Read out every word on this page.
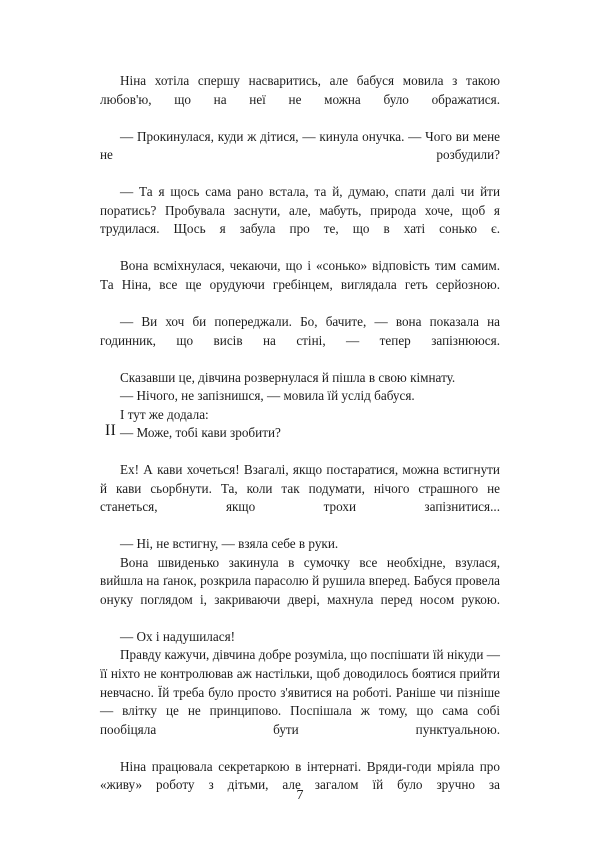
Ніна хотіла спершу насваритись, але бабуся мовила з такою любов'ю, що на неї не можна було ображатися.

— Прокинулася, куди ж дітися, — кинула онучка. — Чого ви мене не розбудили?

— Та я щось сама рано встала, та й, думаю, спати далі чи йти поратись? Пробувала заснути, але, мабуть, природа хоче, щоб я трудилася. Щось я забула про те, що в хаті сонько є.

Вона всміхнулася, чекаючи, що і «сонько» відповість тим самим. Та Ніна, все ще орудуючи гребінцем, виглядала геть серйозною.

— Ви хоч би попереджали. Бо, бачите, — вона показала на годинник, що висів на стіні, — тепер запізнююся.

Сказавши це, дівчина розвернулася й пішла в свою кімнату.

— Нічого, не запізнишся, — мовила їй услід бабуся.

І тут же додала:

— Може, тобі кави зробити?

II

Ех! А кави хочеться! Взагалі, якщо постаратися, можна встигнути й кави сьорбнути. Та, коли так подумати, нічого страшного не станеться, якщо трохи запізнитися...

— Ні, не встигну, — взяла себе в руки.

Вона швиденько закинула в сумочку все необхідне, взулася, вийшла на ґанок, розкрила парасолю й рушила вперед. Бабуся провела онуку поглядом і, закриваючи двері, махнула перед носом рукою.

— Ох і надушилася!

Правду кажучи, дівчина добре розуміла, що поспішати їй нікуди — її ніхто не контролював аж настільки, щоб доводилось боятися прийти невчасно. Їй треба було просто з'явитися на роботі. Раніше чи пізніше — влітку це не принципово. Поспішала ж тому, що сама собі пообіцяла бути пунктуальною.

Ніна працювала секретаркою в інтернаті. Вряди-годи мріяла про «живу» роботу з дітьми, але загалом їй було зручно за

7
